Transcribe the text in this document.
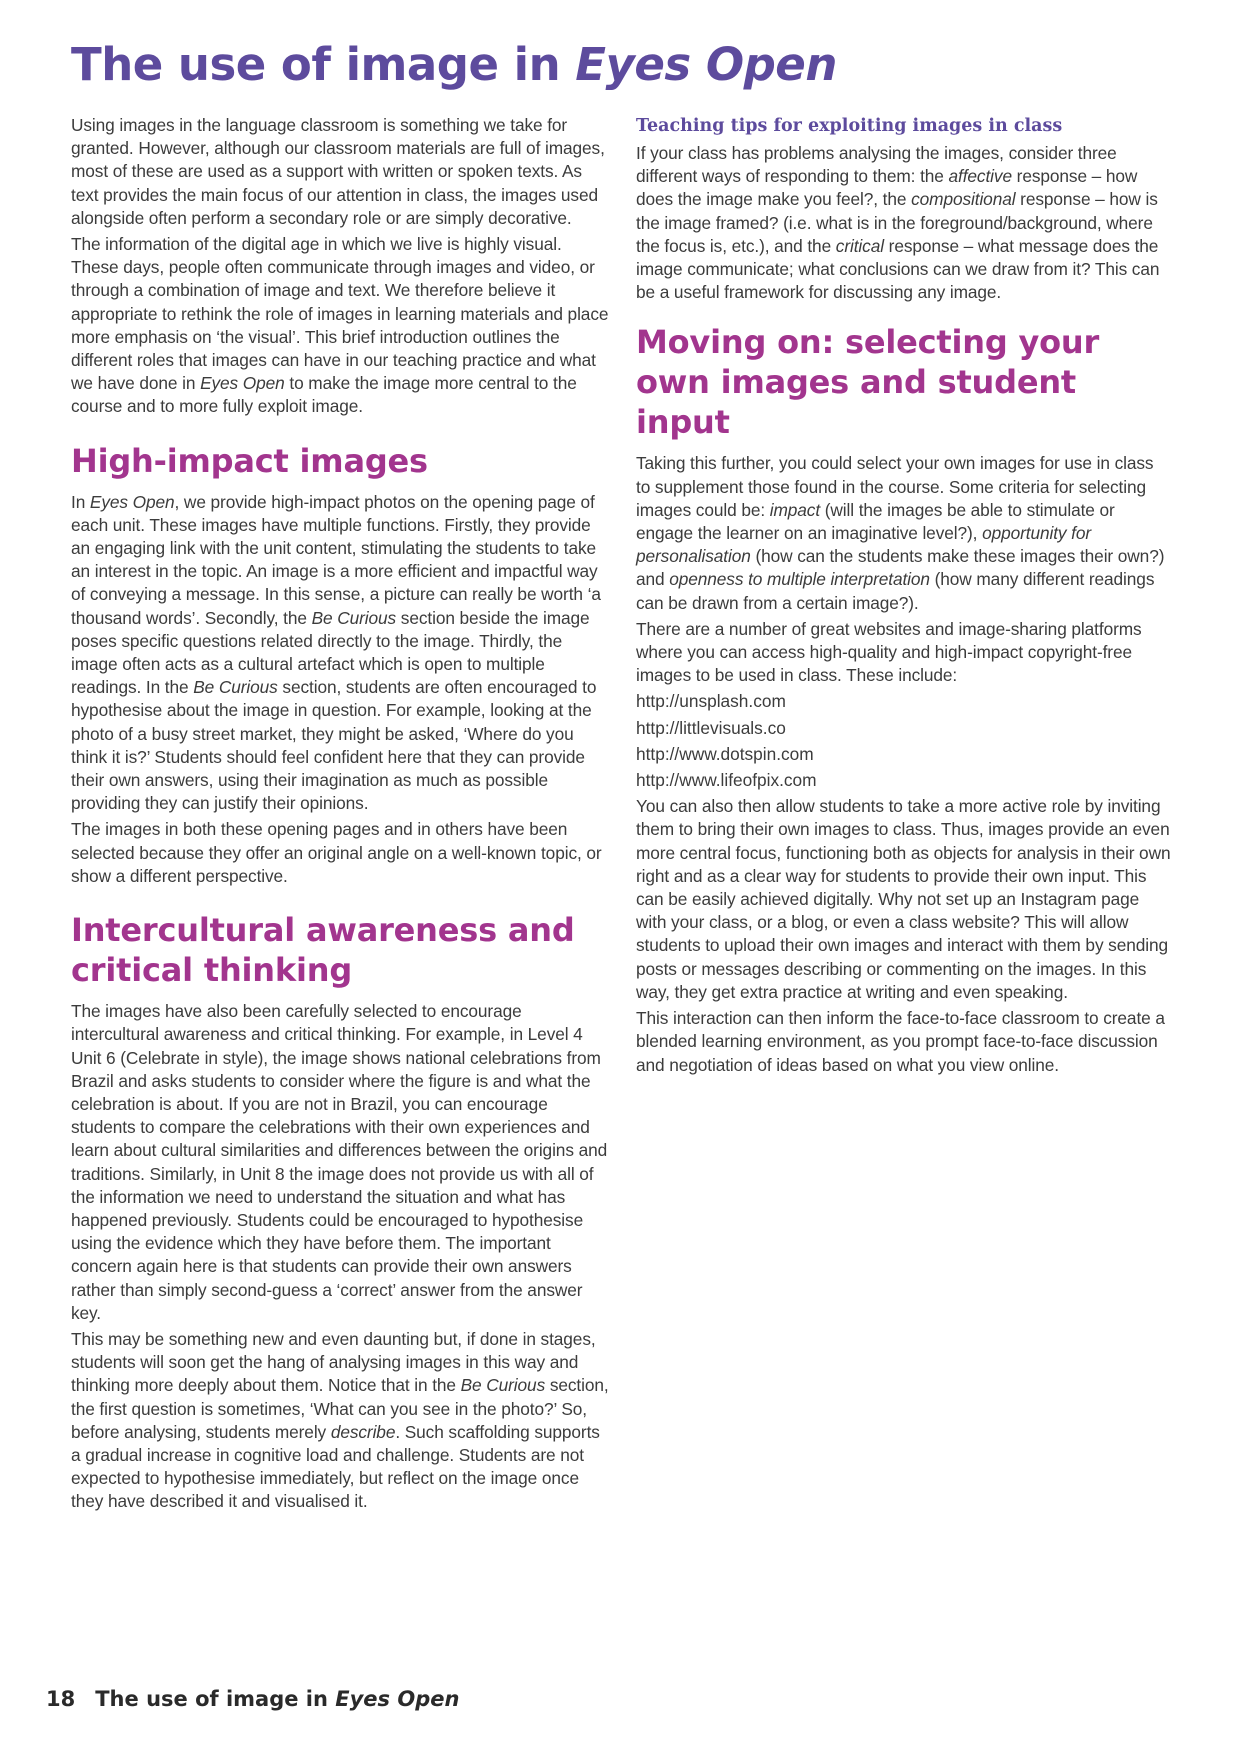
The use of image in Eyes Open

Using images in the language classroom is something we take for granted. However, although our classroom materials are full of images, most of these are used as a support with written or spoken texts. As text provides the main focus of our attention in class, the images used alongside often perform a secondary role or are simply decorative.

The information of the digital age in which we live is highly visual. These days, people often communicate through images and video, or through a combination of image and text. We therefore believe it appropriate to rethink the role of images in learning materials and place more emphasis on ‘the visual’. This brief introduction outlines the different roles that images can have in our teaching practice and what we have done in Eyes Open to make the image more central to the course and to more fully exploit image.

High-impact images

In Eyes Open, we provide high-impact photos on the opening page of each unit. These images have multiple functions. Firstly, they provide an engaging link with the unit content, stimulating the students to take an interest in the topic. An image is a more efficient and impactful way of conveying a message. In this sense, a picture can really be worth ‘a thousand words’. Secondly, the Be Curious section beside the image poses specific questions related directly to the image. Thirdly, the image often acts as a cultural artefact which is open to multiple readings. In the Be Curious section, students are often encouraged to hypothesise about the image in question. For example, looking at the photo of a busy street market, they might be asked, ‘Where do you think it is?’ Students should feel confident here that they can provide their own answers, using their imagination as much as possible providing they can justify their opinions.

The images in both these opening pages and in others have been selected because they offer an original angle on a well-known topic, or show a different perspective.

Intercultural awareness and critical thinking

The images have also been carefully selected to encourage intercultural awareness and critical thinking. For example, in Level 4 Unit 6 (Celebrate in style), the image shows national celebrations from Brazil and asks students to consider where the figure is and what the celebration is about. If you are not in Brazil, you can encourage students to compare the celebrations with their own experiences and learn about cultural similarities and differences between the origins and traditions. Similarly, in Unit 8 the image does not provide us with all of the information we need to understand the situation and what has happened previously. Students could be encouraged to hypothesise using the evidence which they have before them. The important concern again here is that students can provide their own answers rather than simply second-guess a ‘correct’ answer from the answer key.

This may be something new and even daunting but, if done in stages, students will soon get the hang of analysing images in this way and thinking more deeply about them. Notice that in the Be Curious section, the first question is sometimes, ‘What can you see in the photo?’ So, before analysing, students merely describe. Such scaffolding supports a gradual increase in cognitive load and challenge. Students are not expected to hypothesise immediately, but reflect on the image once they have described it and visualised it.

Teaching tips for exploiting images in class

If your class has problems analysing the images, consider three different ways of responding to them: the affective response – how does the image make you feel?, the compositional response – how is the image framed? (i.e. what is in the foreground/background, where the focus is, etc.), and the critical response – what message does the image communicate; what conclusions can we draw from it? This can be a useful framework for discussing any image.

Moving on: selecting your own images and student input

Taking this further, you could select your own images for use in class to supplement those found in the course. Some criteria for selecting images could be: impact (will the images be able to stimulate or engage the learner on an imaginative level?), opportunity for personalisation (how can the students make these images their own?) and openness to multiple interpretation (how many different readings can be drawn from a certain image?).

There are a number of great websites and image-sharing platforms where you can access high-quality and high-impact copyright-free images to be used in class. These include:

http://unsplash.com
http://littlevisuals.co
http://www.dotspin.com
http://www.lifeofpix.com

You can also then allow students to take a more active role by inviting them to bring their own images to class. Thus, images provide an even more central focus, functioning both as objects for analysis in their own right and as a clear way for students to provide their own input. This can be easily achieved digitally. Why not set up an Instagram page with your class, or a blog, or even a class website? This will allow students to upload their own images and interact with them by sending posts or messages describing or commenting on the images. In this way, they get extra practice at writing and even speaking.

This interaction can then inform the face-to-face classroom to create a blended learning environment, as you prompt face-to-face discussion and negotiation of ideas based on what you view online.

18 The use of image in Eyes Open
